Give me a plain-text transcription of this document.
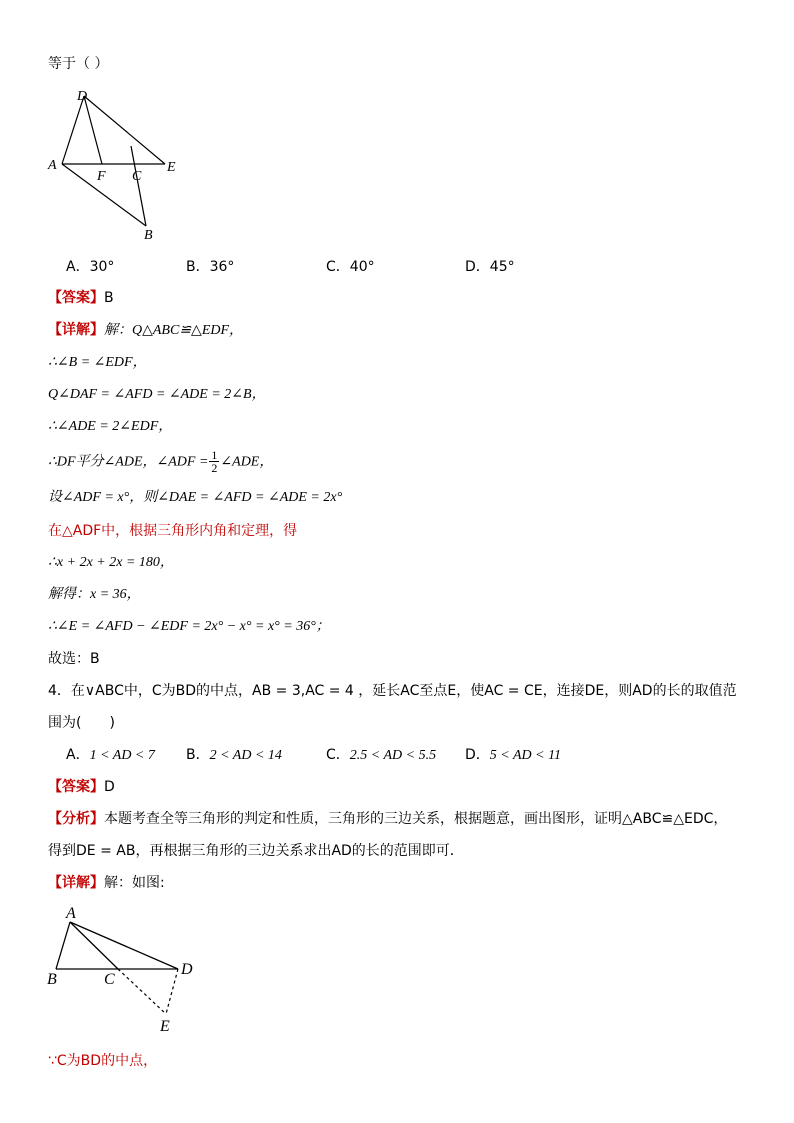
等于（ ）
D
A
F C
E
B
A．30°	B．36°	C．40°	D．45°
【答案】B
【详解】解：Q△ABC≌△EDF，
∴∠B = ∠EDF，
Q∠DAF = ∠AFD = ∠ADE = 2∠B，
∴∠ADE = 2∠EDF，
∴DF平分∠ADE，∠ADF = $\frac{1}{2}$ ∠ADE，
设∠ADF = x°，则∠DAE = ∠AFD = ∠ADE = 2x°
在△ADF中，根据三角形内角和定理，得
∴x + 2x + 2x = 180，
解得：x = 36，
∴∠E = ∠AFD − ∠EDF = 2x° − x° = x° = 36°；
故选：B
4．在∨ABC中，C为BD的中点，AB = 3,AC = 4 ，延长AC至点E，使AC = CE，连接DE，则AD的长的取值范
围为(　　)
A．1 < AD < 7 B．2 < AD < 14	C．2.5 < AD < 5.5 D．5 < AD < 11
【答案】D
【分析】本题考查全等三角形的判定和性质，三角形的三边关系，根据题意，画出图形，证明△ABC≌△EDC，
得到DE = AB，再根据三角形的三边关系求出AD的长的范围即可．
【详解】解：如图:
A
B	C
D
E
∵C为BD的中点，
